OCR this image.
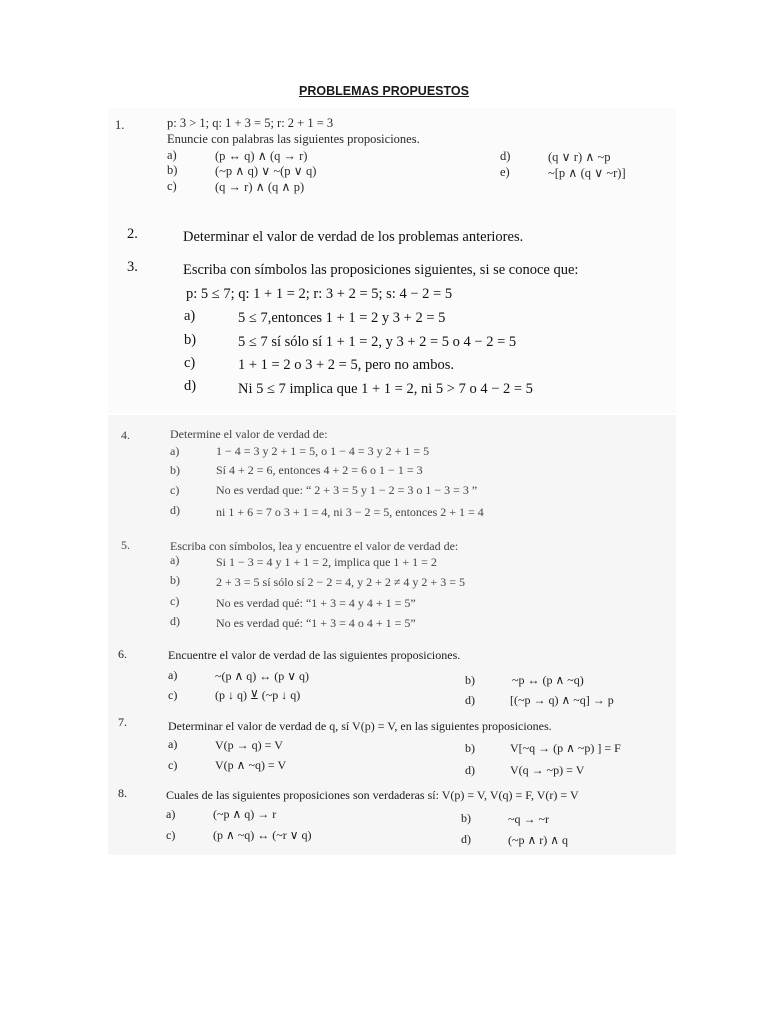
PROBLEMAS PROPUESTOS
1.	p: 3 > 1; q: 1 + 3 = 5; r: 2 + 1 = 3
Enuncie con palabras las siguientes proposiciones.
a)	(p ↔ q) ∧ (q → r)
b)	(~p ∧ q) ∨ ~(p ∨ q)
c)	(q → r) ∧ (q ∧ p)
d)	(q ∨ r) ∧ ~p
e)	~[p ∧ (q ∨ ~r)]
2.	Determinar el valor de verdad de los problemas anteriores.
3.	Escriba con símbolos las proposiciones siguientes, si se conoce que:
p: 5 ≤ 7; q: 1 + 1 = 2; r: 3 + 2 = 5; s: 4 − 2 = 5
a)	5 ≤ 7,entonces 1 + 1 = 2 y 3 + 2 = 5
b)	5 ≤ 7 sí sólo sí 1 + 1 = 2, y 3 + 2 = 5 o 4 − 2 = 5
c)	1 + 1 = 2 o 3 + 2 = 5, pero no ambos.
d)	Ni 5 ≤ 7 implica que 1 + 1 = 2, ni 5 > 7 o 4 − 2 = 5
4.	Determine el valor de verdad de:
a)	1 − 4 = 3 y 2 + 1 = 5, o 1 − 4 = 3 y 2 + 1 = 5
b)	Sí 4 + 2 = 6, entonces 4 + 2 = 6 o 1 − 1 = 3
c)	No es verdad que: “ 2 + 3 = 5 y 1 − 2 = 3 o 1 − 3 = 3 ”
d)	ni 1 + 6 = 7 o 3 + 1 = 4, ni 3 − 2 = 5, entonces 2 + 1 = 4
5.	Escriba con símbolos, lea y encuentre el valor de verdad de:
a)	Si 1 − 3 = 4 y 1 + 1 = 2, implica que 1 + 1 = 2
b)	2 + 3 = 5 sí sólo sí 2 − 2 = 4, y 2 + 2 ≠ 4 y 2 + 3 = 5
c)	No es verdad qué: “1 + 3 = 4 y 4 + 1 = 5”
d)	No es verdad qué: “1 + 3 = 4 o 4 + 1 = 5”
6.	Encuentre el valor de verdad de las siguientes proposiciones.
a)	~(p ∧ q) ↔ (p ∨ q)	b)	~p ↔ (p ∧ ~q)
c)	(p ↓ q) ⊻ (~p ↓ q)	d)	[(~p → q) ∧ ~q] → p
7.	Determinar el valor de verdad de q, sí V(p) = V, en las siguientes proposiciones.
a)	V(p → q) = V	b)	V[~q → (p ∧ ~p) ] = F
c)	V(p ∧ ~q) = V	d)	V(q → ~p) = V
8.	Cuales de las siguientes proposiciones son verdaderas sí: V(p) = V, V(q) = F, V(r) = V
a)	(~p ∧ q) → r	b)	~q → ~r
c)	(p ∧ ~q) ↔ (~r ∨ q)	d)	(~p ∧ r) ∧ q
